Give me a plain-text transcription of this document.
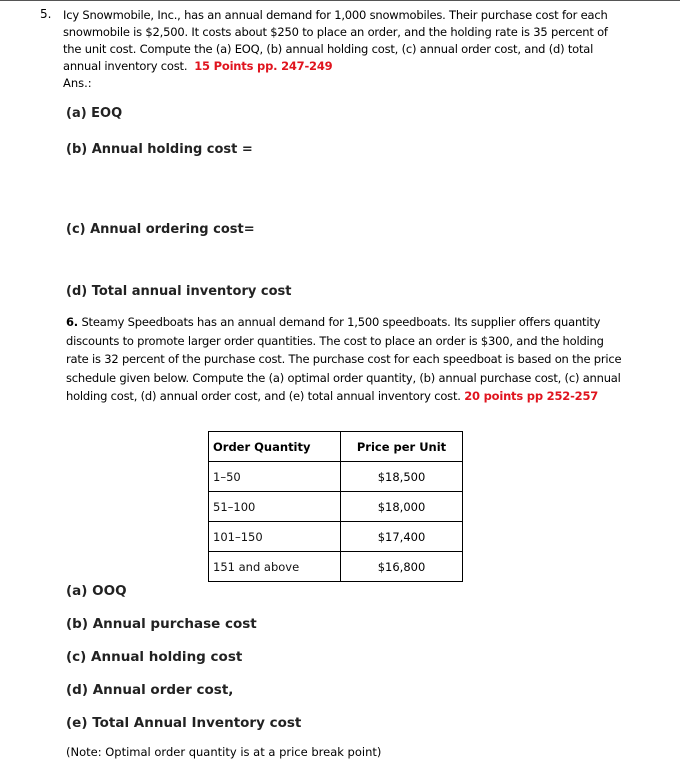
5. Icy Snowmobile, Inc., has an annual demand for 1,000 snowmobiles. Their purchase cost for each
snowmobile is $2,500. It costs about $250 to place an order, and the holding rate is 35 percent of
the unit cost. Compute the (a) EOQ, (b) annual holding cost, (c) annual order cost, and (d) total
annual inventory cost. 15 Points pp. 247-249
Ans.:
(a) EOQ
(b) Annual holding cost =
(c) Annual ordering cost=
(d) Total annual inventory cost
6. Steamy Speedboats has an annual demand for 1,500 speedboats. Its supplier offers quantity
discounts to promote larger order quantities. The cost to place an order is $300, and the holding
rate is 32 percent of the purchase cost. The purchase cost for each speedboat is based on the price
schedule given below. Compute the (a) optimal order quantity, (b) annual purchase cost, (c) annual
holding cost, (d) annual order cost, and (e) total annual inventory cost. 20 points pp 252-257
Order Quantity	Price per Unit
1–50	$18,500
51–100	$18,000
101–150	$17,400
151 and above	$16,800
(a) OOQ
(b) Annual purchase cost
(c) Annual holding cost
(d) Annual order cost,
(e) Total Annual Inventory cost
(Note: Optimal order quantity is at a price break point)
